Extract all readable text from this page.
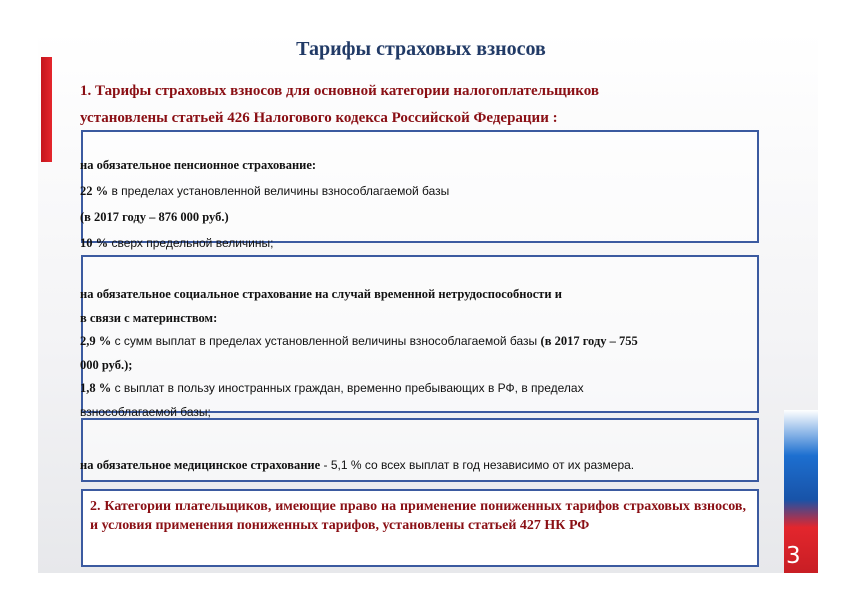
3
Тарифы страховых взносов
1. Тарифы страховых взносов для основной категории налогоплательщиков
установлены статьей 426 Налогового кодекса Российской Федерации :

на обязательное пенсионное страхование:

22 % в пределах установленной величины взнособлагаемой базы

(в 2017 году – 876 000 руб.)

10 % сверх предельной величины;

на обязательное социальное страхование на случай временной нетрудоспособности и

в связи с материнством:

2,9 % с сумм выплат в пределах установленной величины взнособлагаемой базы (в 2017 году – 755

000 руб.);

1,8 % с выплат в пользу иностранных граждан, временно пребывающих в РФ, в пределах

взнособлагаемой базы;

на обязательное медицинское страхование - 5,1 % со всех выплат в год независимо от их размера.

2. Категории плательщиков, имеющие право на применение пониженных тарифов страховых взносов, и условия применения пониженных тарифов, установлены статьей 427 НК РФ
